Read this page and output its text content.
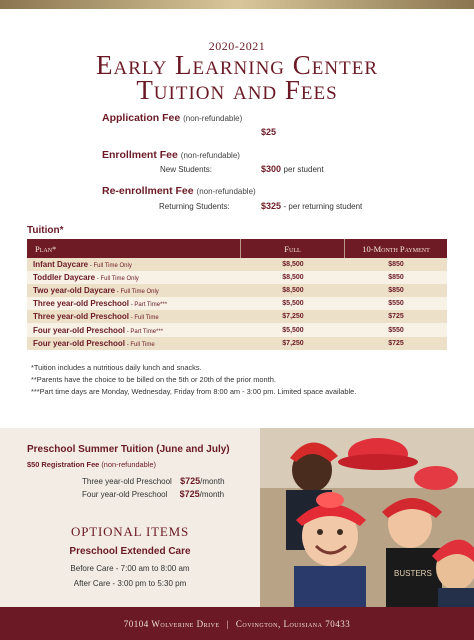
2020-2021
Early Learning Center
Tuition and Fees
Application Fee (non-refundable)
$25
Enrollment Fee (non-refundable)
New Students:	$300 per student
Re-enrollment Fee (non-refundable)
Returning Students:	$325 - per returning student
Tuition*
Plan*	Full	10-Month Payment
Infant Daycare - Full Time Only	$8,500	$850
Toddler Daycare - Full Time Only	$8,500	$850
Two year-old Daycare - Full Time Only	$8,500	$850
Three year-old Preschool - Part Time***	$5,500	$550
Three year-old Preschool - Full Time	$7,250	$725
Four year-old Preschool - Part Time***	$5,500	$550
Four year-old Preschool - Full Time	$7,250	$725
*Tuition includes a nutritious daily lunch and snacks.
**Parents have the choice to be billed on the 5th or 20th of the prior month.
***Part time days are Monday, Wednesday, Friday from 8:00 am - 3:00 pm. Limited space available.
Preschool Summer Tuition (June and July)
$50 Registration Fee (non-refundable)
Three year-old Preschool $725/month
Four year-old Preschool $725/month
OPTIONAL ITEMS
Preschool Extended Care
Before Care - 7:00 am to 8:00 am
After Care - 3:00 pm to 5:30 pm
BUSTERS
70104 Wolverine Drive | Covington, Louisiana 70433
